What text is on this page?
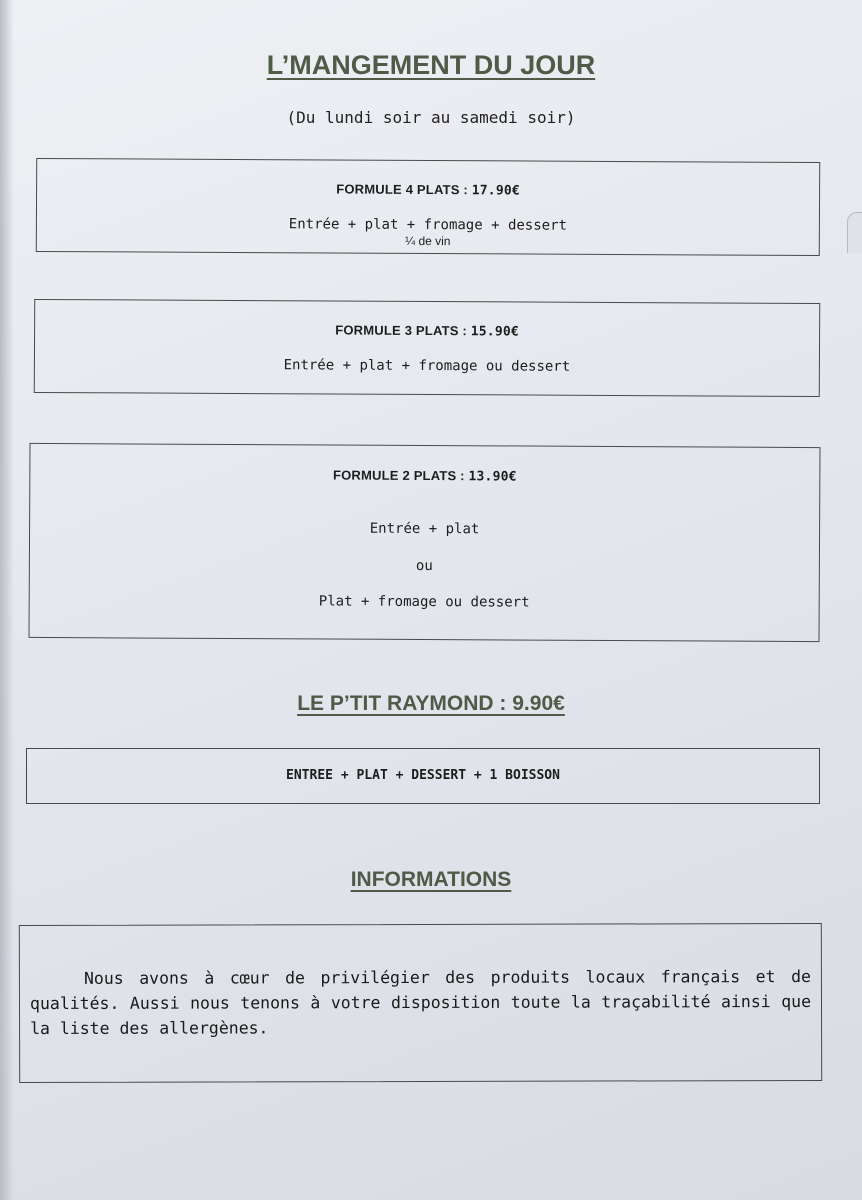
L’MANGEMENT DU JOUR
(Du lundi soir au samedi soir)
FORMULE 4 PLATS : 17.90€
Entrée + plat + fromage + dessert
¼ de vin
FORMULE 3 PLATS : 15.90€
Entrée + plat + fromage ou dessert
FORMULE 2 PLATS : 13.90€
Entrée + plat
ou
Plat + fromage ou dessert
LE P’TIT RAYMOND : 9.90€
ENTREE + PLAT + DESSERT + 1 BOISSON
INFORMATIONS
Nous avons à cœur de privilégier des produits locaux français et de qualités. Aussi nous tenons à votre disposition toute la traçabilité ainsi que la liste des allergènes.
